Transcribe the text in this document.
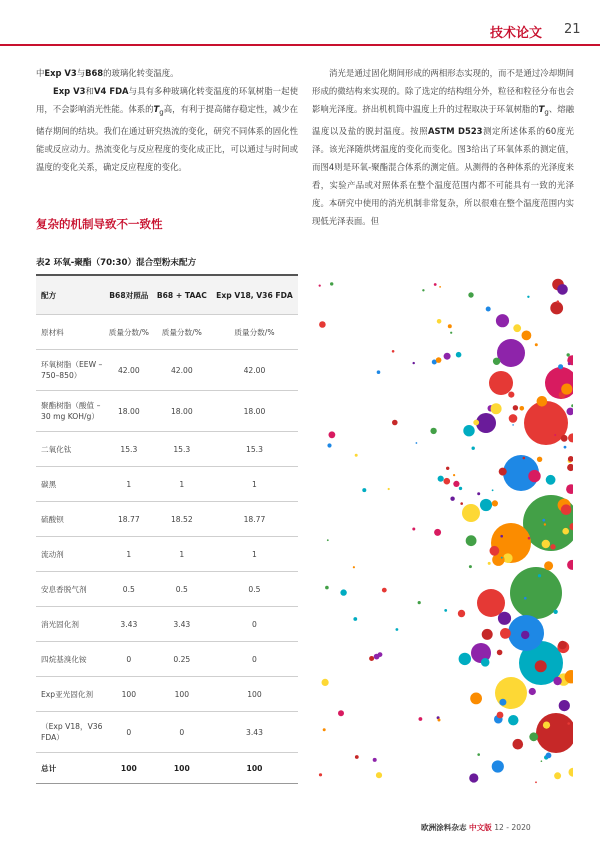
技术论文 21

中Exp V3与B68的玻璃化转变温度。

Exp V3和V4 FDA与具有多种玻璃化转变温度的环氧树脂一起使用，不会影响消光性能。体系的$T_g$高，有利于提高储存稳定性，减少在储存期间的结块。我们在通过研究热流的变化，研究不同体系的固化性能或反应动力。热流变化与反应程度的变化成正比，可以通过与时间或温度的变化关系，确定反应程度的变化。

复杂的机制导致不一致性

消光是通过固化期间形成的两相形态实现的，而不是通过冷却期间形成的微结构来实现的。除了选定的结构组分外，粒径和粒径分布也会影响光泽度。挤出机机筒中温度上升的过程取决于环氧树脂的$T_g$、熔融温度以及盐的脱封温度。按照ASTM D523测定所述体系的60度光泽。该光泽随烘烤温度的变化而变化。图3给出了环氧体系的测定值，而图4则是环氧-聚酯混合体系的测定值。从测得的各种体系的光泽度来看，实验产品或对照体系在整个温度范围内都不可能具有一致的光泽度。本研究中使用的消光机制非常复杂，所以很难在整个温度范围内实现低光泽表面。但

表2 环氧-聚酯（70:30）混合型粉末配方
配方	B68对照品	B68 + TAAC	Exp V18, V36 FDA
原材料	质量分数/%	质量分数/%	质量分数/%
环氧树脂（EEW – 750–850）	42.00	42.00	42.00
聚酯树脂（酸值 – 30 mg KOH/g）	18.00	18.00	18.00
二氧化钛	15.3	15.3	15.3
碳黑	1	1	1
硫酸钡	18.77	18.52	18.77
流动剂	1	1	1
安息香脱气剂	0.5	0.5	0.5
消光固化剂	3.43	3.43	0
四烷基溴化铵	0	0.25	0
Exp亚光固化剂	100	100	100
（Exp V18，V36 FDA）	0	0	3.43
总计	100	100	100
欧洲涂料杂志 中文版 12 - 2020
